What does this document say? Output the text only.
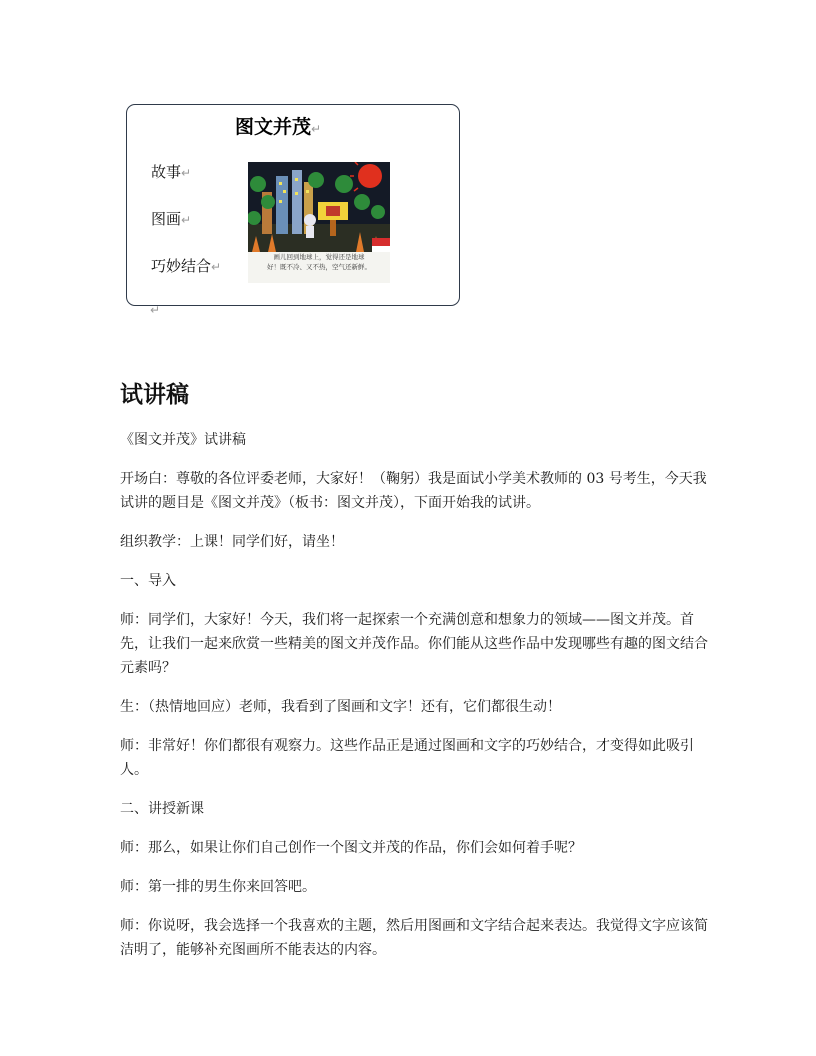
图文并茂↵
故事↵
图画↵
巧妙结合↵
画儿回到地球上，觉得还是地球
好！既不冷、又不热，空气还新鲜。
↵
试讲稿

《图文并茂》试讲稿

开场白：尊敬的各位评委老师，大家好！（鞠躬）我是面试小学美术教师的 03 号考生，今天我试讲的题目是《图文并茂》（板书：图文并茂），下面开始我的试讲。

组织教学：上课！同学们好，请坐！

一、导入

师：同学们，大家好！今天，我们将一起探索一个充满创意和想象力的领域——图文并茂。首先，让我们一起来欣赏一些精美的图文并茂作品。你们能从这些作品中发现哪些有趣的图文结合元素吗？

生：（热情地回应）老师，我看到了图画和文字！还有，它们都很生动！

师：非常好！你们都很有观察力。这些作品正是通过图画和文字的巧妙结合，才变得如此吸引人。

二、讲授新课

师：那么，如果让你们自己创作一个图文并茂的作品，你们会如何着手呢？

师：第一排的男生你来回答吧。

师：你说呀，我会选择一个我喜欢的主题，然后用图画和文字结合起来表达。我觉得文字应该简洁明了，能够补充图画所不能表达的内容。
